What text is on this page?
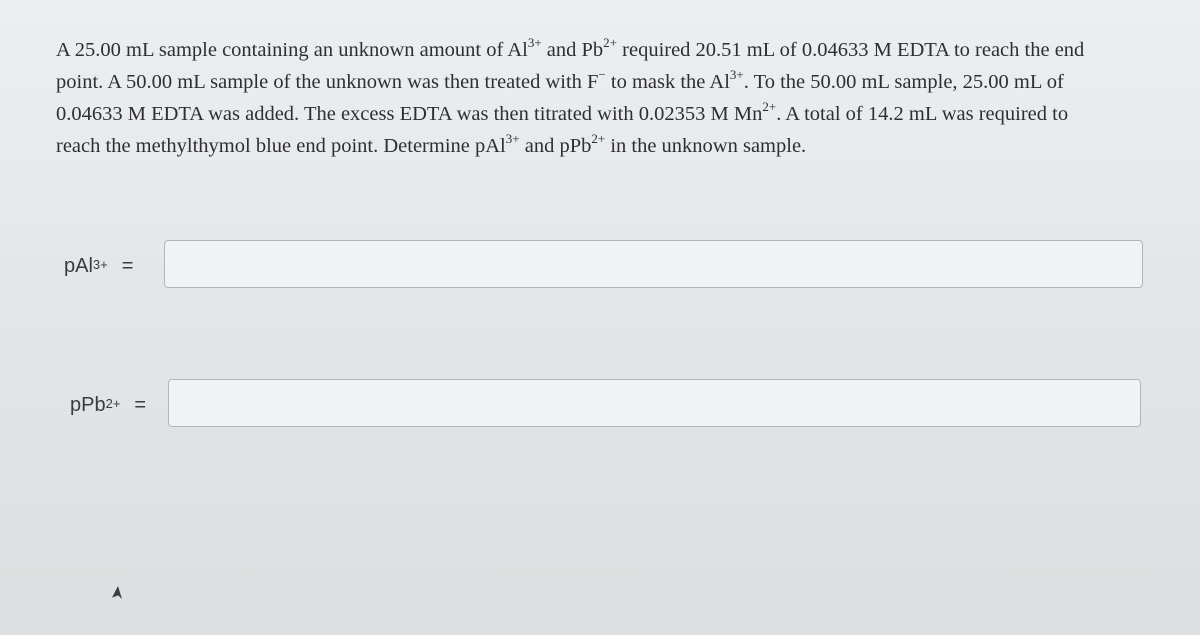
A 25.00 mL sample containing an unknown amount of $Al^{3+}$ and $Pb^{2+}$ required 20.51 mL of 0.04633 M EDTA to reach the end
point. A 50.00 mL sample of the unknown was then treated with F− to mask the $Al^{3+}$. To the 50.00 mL sample, 25.00 mL of
0.04633 M EDTA was added. The excess EDTA was then titrated with 0.02353 M $Mn^{2+}$. A total of 14.2 mL was required to
reach the methylthymol blue end point. Determine pAl$^{3+}$ and pPb$^{2+}$ in the unknown sample.
pAl$^{3+}$ =
pPb$^{2+}$ =
